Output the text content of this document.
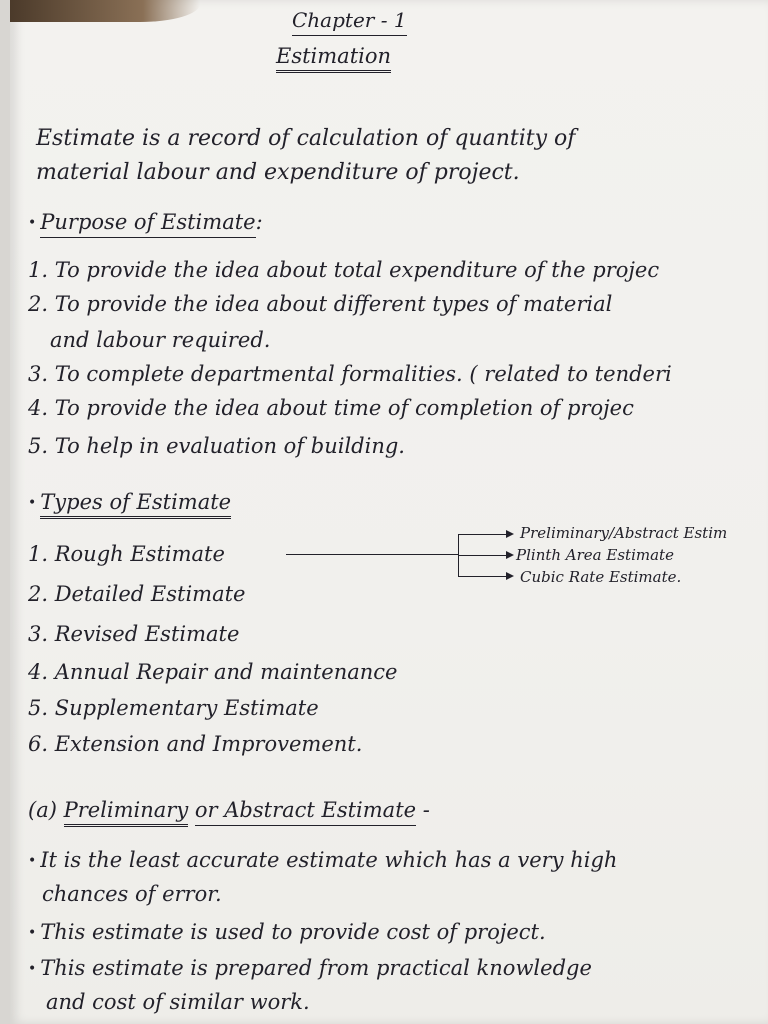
Chapter - 1
Estimation
Estimate is a record of calculation of quantity of
material labour and expenditure of project.
• Purpose of Estimate:
1. To provide the idea about total expenditure of the projec
2. To provide the idea about different types of material
and labour required.
3. To complete departmental formalities. ( related to tenderi
4. To provide the idea about time of completion of projec
5. To help in evaluation of building.
• Types of Estimate
1. Rough Estimate
2. Detailed Estimate
3. Revised Estimate
4. Annual Repair and maintenance
5. Supplementary Estimate
6. Extension and Improvement.
Preliminary/Abstract Estim
Plinth Area Estimate
Cubic Rate Estimate.
(a) Preliminary or Abstract Estimate -
• It is the least accurate estimate which has a very high
chances of error.
• This estimate is used to provide cost of project.
• This estimate is prepared from practical knowledge
and cost of similar work.
